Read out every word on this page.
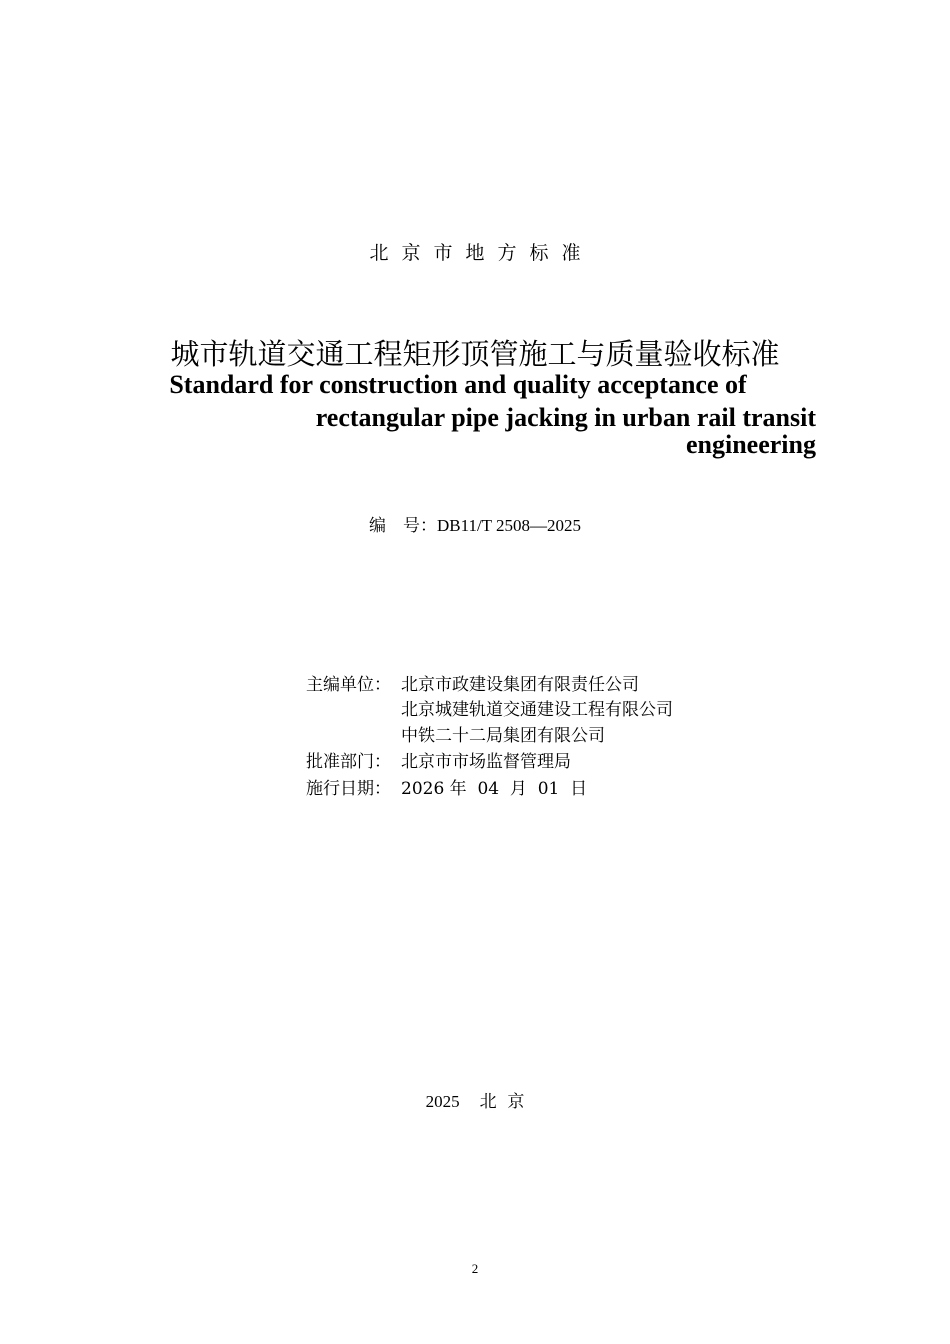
北京市地方标准
城市轨道交通工程矩形顶管施工与质量验收标准
Standard for construction and quality acceptance of
rectangular pipe jacking in urban rail transit
engineering
编　号：DB11/T 2508—2025
主编单位： 北京市政建设集团有限责任公司
北京城建轨道交通建设工程有限公司
中铁二十二局集团有限公司
批准部门： 北京市市场监督管理局
施行日期： 2026 年  04  月  01  日
2025 北  京
2
